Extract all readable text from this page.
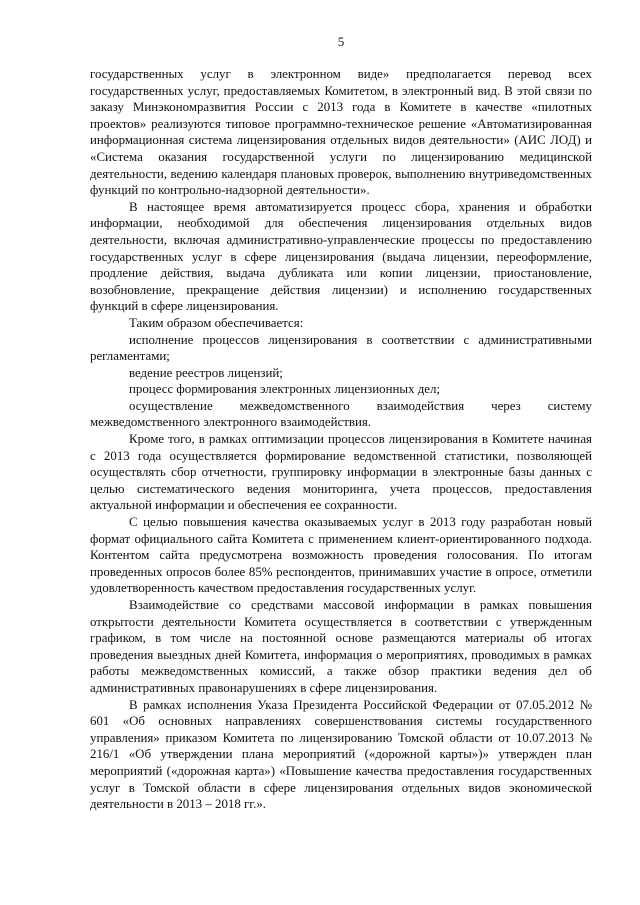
5

государственных услуг в электронном виде» предполагается перевод всех государственных услуг, предоставляемых Комитетом, в электронный вид. В этой связи по заказу Минэкономразвития России с 2013 года в Комитете в качестве «пилотных проектов» реализуются типовое программно-техническое решение «Автоматизированная информационная система лицензирования отдельных видов деятельности» (АИС ЛОД) и «Система оказания государственной услуги по лицензированию медицинской деятельности, ведению календаря плановых проверок, выполнению внутриведомственных функций по контрольно-надзорной деятельности».

В настоящее время автоматизируется процесс сбора, хранения и обработки информации, необходимой для обеспечения лицензирования отдельных видов деятельности, включая административно-управленческие процессы по предоставлению государственных услуг в сфере лицензирования (выдача лицензии, переоформление, продление действия, выдача дубликата или копии лицензии, приостановление, возобновление, прекращение действия лицензии) и исполнению государственных функций в сфере лицензирования.

Таким образом обеспечивается:

исполнение процессов лицензирования в соответствии с административными регламентами;

ведение реестров лицензий;

процесс формирования электронных лицензионных дел;

осуществление межведомственного взаимодействия через систему межведомственного электронного взаимодействия.

Кроме того, в рамках оптимизации процессов лицензирования в Комитете начиная с 2013 года осуществляется формирование ведомственной статистики, позволяющей осуществлять сбор отчетности, группировку информации в электронные базы данных с целью систематического ведения мониторинга, учета процессов, предоставления актуальной информации и обеспечения ее сохранности.

С целью повышения качества оказываемых услуг в 2013 году разработан новый формат официального сайта Комитета с применением клиент-ориентированного подхода. Контентом сайта предусмотрена возможность проведения голосования. По итогам проведенных опросов более 85% респондентов, принимавших участие в опросе, отметили удовлетворенность качеством предоставления государственных услуг.

Взаимодействие со средствами массовой информации в рамках повышения открытости деятельности Комитета осуществляется в соответствии с утвержденным графиком, в том числе на постоянной основе размещаются материалы об итогах проведения выездных дней Комитета, информация о мероприятиях, проводимых в рамках работы межведомственных комиссий, а также обзор практики ведения дел об административных правонарушениях в сфере лицензирования.

В рамках исполнения Указа Президента Российской Федерации от 07.05.2012 № 601 «Об основных направлениях совершенствования системы государственного управления» приказом Комитета по лицензированию Томской области от 10.07.2013 № 216/1 «Об утверждении плана мероприятий («дорожной карты»)» утвержден план мероприятий («дорожная карта») «Повышение качества предоставления государственных услуг в Томской области в сфере лицензирования отдельных видов экономической деятельности в 2013 – 2018 гг.».
